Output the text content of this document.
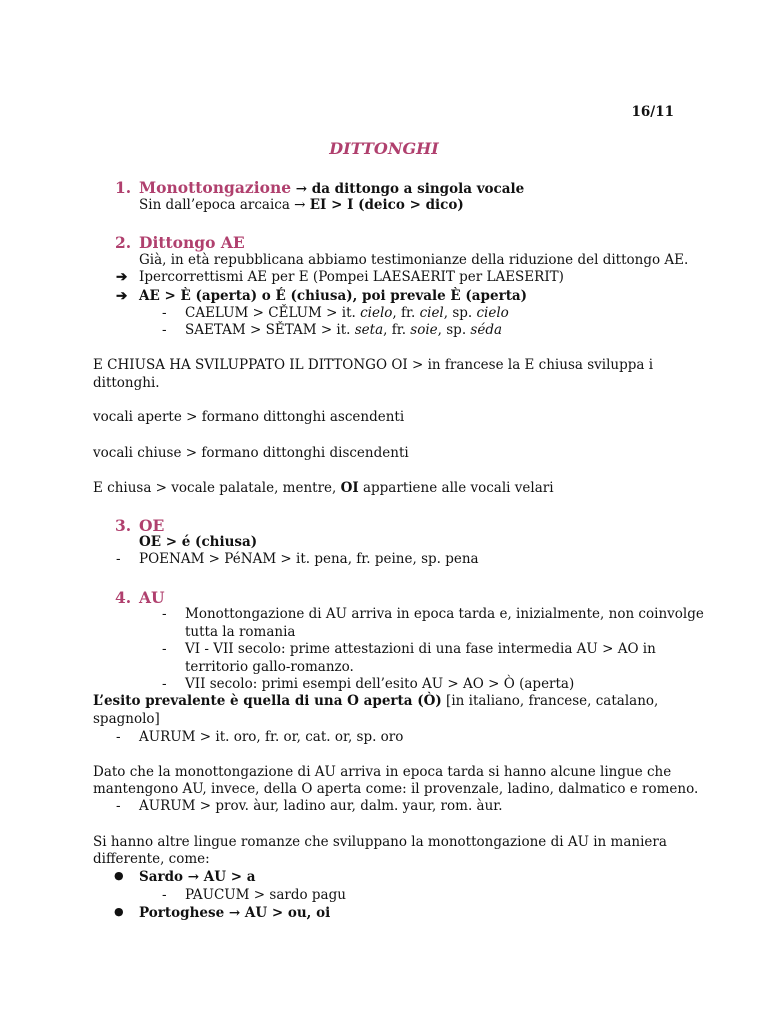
16/11
DITTONGHI
1. Monottongazione → da dittongo a singola vocale
Sin dall’epoca arcaica → EI > I (deico > dico)
2. Dittongo AE
Già, in età repubblicana abbiamo testimonianze della riduzione del dittongo AE.
➔ Ipercorrettismi AE per E (Pompei LAESAERIT per LAESERIT)
➔ AE > È (aperta) o É (chiusa), poi prevale È (aperta)
- CAELUM > CĚLUM > it. cielo, fr. ciel, sp. cielo
- SAETAM > SĚTAM > it. seta, fr. soie, sp. séda
E CHIUSA HA SVILUPPATO IL DITTONGO OI > in francese la E chiusa sviluppa i
dittonghi.
vocali aperte > formano dittonghi ascendenti
vocali chiuse > formano dittonghi discendenti
E chiusa > vocale palatale, mentre, OI appartiene alle vocali velari
3. OE
OE > é (chiusa)
- POENAM > PéNAM > it. pena, fr. peine, sp. pena
4. AU
- Monottongazione di AU arriva in epoca tarda e, inizialmente, non coinvolge
tutta la romania
- VI - VII secolo: prime attestazioni di una fase intermedia AU > AO in
territorio gallo-romanzo.
- VII secolo: primi esempi dell’esito AU > AO > Ò (aperta)
L’esito prevalente è quella di una O aperta (Ò) [in italiano, francese, catalano,
spagnolo]
- AURUM > it. oro, fr. or, cat. or, sp. oro
Dato che la monottongazione di AU arriva in epoca tarda si hanno alcune lingue che
mantengono AU, invece, della O aperta come: il provenzale, ladino, dalmatico e romeno.
- AURUM > prov. àur, ladino aur, dalm. yaur, rom. àur.
Si hanno altre lingue romanze che sviluppano la monottongazione di AU in maniera
differente, come:
● Sardo → AU > a
- PAUCUM > sardo pagu
● Portoghese → AU > ou, oi
